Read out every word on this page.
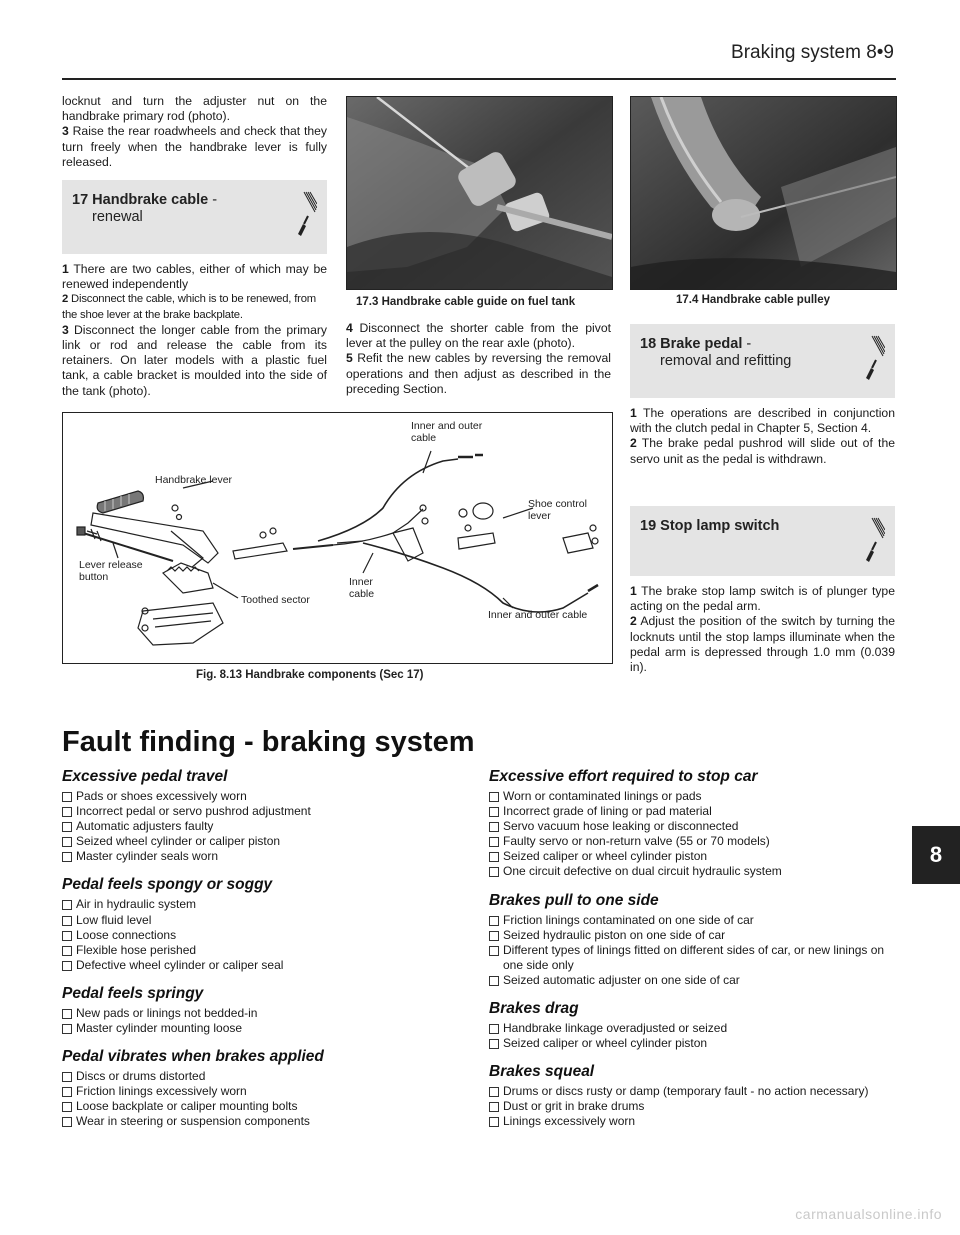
Braking system 8•9

locknut and turn the adjuster nut on the handbrake primary rod (photo).

3 Raise the rear roadwheels and check that they turn freely when the handbrake lever is fully released.

17 Handbrake cable -
renewal

1 There are two cables, either of which may be renewed independently

2 Disconnect the cable, which is to be renewed, from the shoe lever at the brake backplate.

3 Disconnect the longer cable from the primary link or rod and release the cable from its retainers. On later models with a plastic fuel tank, a cable bracket is moulded into the side of the tank (photo).

17.3 Handbrake cable guide on fuel tank

4 Disconnect the shorter cable from the pivot lever at the pulley on the rear axle (photo).

5 Refit the new cables by reversing the removal operations and then adjust as described in the preceding Section.

17.4 Handbrake cable pulley
18 Brake pedal -
removal and refitting

1 The operations are described in conjunction with the clutch pedal in Chapter 5, Section 4.

2 The brake pedal pushrod will slide out of the servo unit as the pedal is withdrawn.

19 Stop lamp switch

1 The brake stop lamp switch is of plunger type acting on the pedal arm.

2 Adjust the position of the switch by turning the locknuts until the stop lamps illuminate when the pedal arm is depressed through 1.0 mm (0.039 in).

Inner and outer
cable
Handbrake lever
Shoe control
lever
Lever release
button	Inner
cable
Toothed sector
Inner and outer cable
Fig. 8.13 Handbrake components (Sec 17)
Fault finding - braking system
Excessive pedal travel
Pads or shoes excessively worn
Incorrect pedal or servo pushrod adjustment
Automatic adjusters faulty
Seized wheel cylinder or caliper piston
Master cylinder seals worn
Pedal feels spongy or soggy
Air in hydraulic system
Low fluid level
Loose connections
Flexible hose perished
Defective wheel cylinder or caliper seal
Pedal feels springy
New pads or linings not bedded-in
Master cylinder mounting loose
Pedal vibrates when brakes applied
Discs or drums distorted
Friction linings excessively worn
Loose backplate or caliper mounting bolts
Wear in steering or suspension components
Excessive effort required to stop car
Worn or contaminated linings or pads
Incorrect grade of lining or pad material
Servo vacuum hose leaking or disconnected
Faulty servo or non-return valve (55 or 70 models)
Seized caliper or wheel cylinder piston
One circuit defective on dual circuit hydraulic system
Brakes pull to one side
Friction linings contaminated on one side of car
Seized hydraulic piston on one side of car
Different types of linings fitted on different sides of car, or new linings on one side only
Seized automatic adjuster on one side of car
Brakes drag
Handbrake linkage overadjusted or seized
Seized caliper or wheel cylinder piston
Brakes squeal
Drums or discs rusty or damp (temporary fault - no action necessary)
Dust or grit in brake drums
Linings excessively worn
8
carmanualsonline.info
